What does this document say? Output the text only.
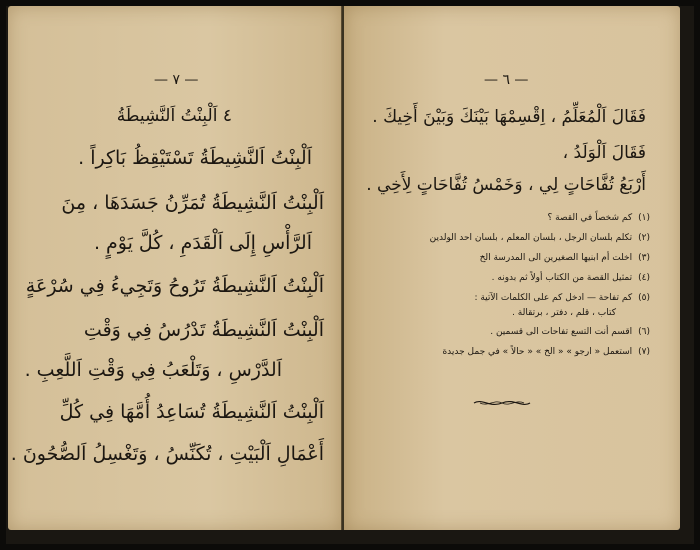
— ٧ —
٤ اَلْبِنْتُ اَلنَّشِيطَةُ
اَلْبِنْتُ اَلنَّشِيطَةُ تَسْتَيْقِظُ بَاكِراً .
اَلْبِنْتُ اَلنَّشِيطَةُ تُمَرِّنُ جَسَدَهَا ، مِنَ
اَلرَّأْسِ إِلَى اَلْقَدَمِ ، كُلَّ يَوْمٍ .
اَلْبِنْتُ اَلنَّشِيطَةُ تَرُوحُ وَتَجِيءُ فِي سُرْعَةٍ
اَلْبِنْتُ اَلنَّشِيطَةُ تَدْرُسُ فِي وَقْتِ
اَلدَّرْسِ ، وَتَلْعَبُ فِي وَقْتِ اَللَّعِبِ .
اَلْبِنْتُ اَلنَّشِيطَةُ تُسَاعِدُ أُمَّهَا فِي كُلِّ
أَعْمَالِ اَلْبَيْتِ ، تُكَنِّسُ ، وَتَغْسِلُ اَلصُّحُونَ .
— ٦ —
فَقَالَ اَلْمُعَلِّمُ ، اِقْسِمْهَا بَيْنَكَ وَبَيْنَ أَخِيكَ .
فَقَالَ اَلْوَلَدُ ،
أَرْبَعُ تُفَّاحَاتٍ لِي ، وَخَمْسُ تُفَّاحَاتٍ لِأَخِي .
(١)كم شخصاً في القصة ؟
(٢)تكلم بلسان الرجل ، بلسان المعلم ، بلسان احد الولدين
(٣)اخلت أم ابنيها الصغيرين الى المدرسة الخ
(٤)تمثيل القصة من الكتاب أولاً ثم بدونه .
(٥)كم تفاحة — ادخل كم على الكلمات الآتية :
كتاب ، قلم ، دفتر ، برتقالة .
(٦)اقسم أنت التسع تفاحات الى قسمين .
(٧)استعمل « ارجو » « الخ » « حالاً » في جمل جديدة
